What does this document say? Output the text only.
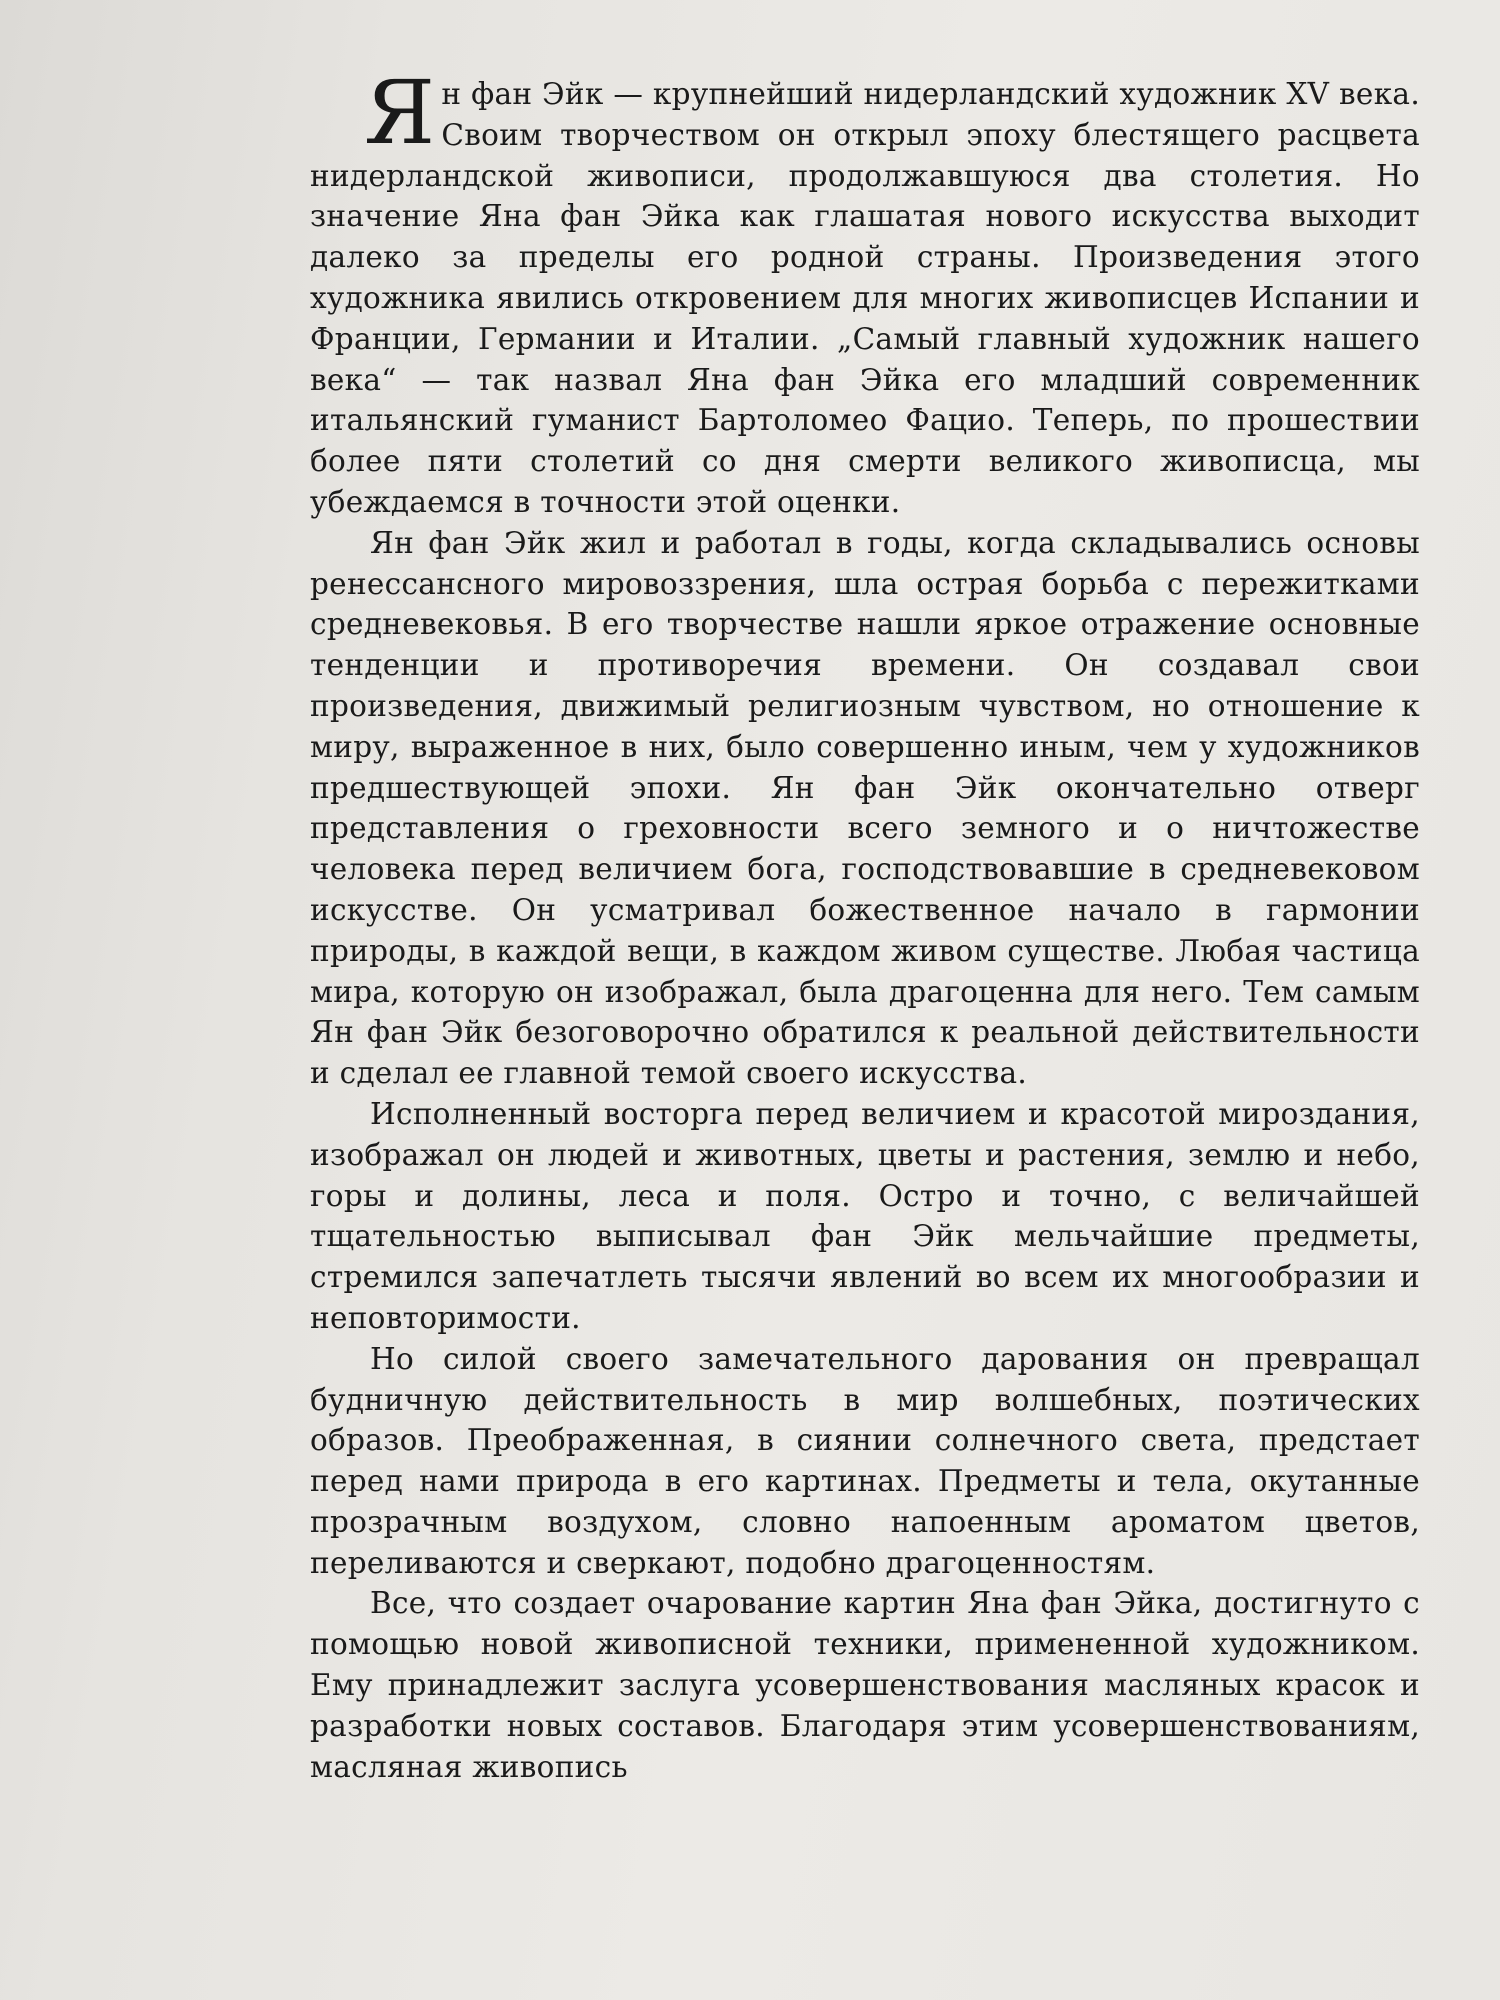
Ян фан Эйк — крупнейший нидерландский художник XV века. Своим творчеством он открыл эпоху блестящего расцвета нидерландской живописи, продолжавшуюся два столетия. Но значение Яна фан Эйка как глашатая нового искусства выходит далеко за пределы его родной страны. Произведения этого художника явились откровением для многих живописцев Испании и Франции, Германии и Италии. „Самый главный художник нашего века“ — так назвал Яна фан Эйка его младший современник итальянский гуманист Бартоломео Фацио. Теперь, по прошествии более пяти столетий со дня смерти великого живописца, мы убеждаемся в точности этой оценки.

Ян фан Эйк жил и работал в годы, когда складывались основы ренессансного мировоззрения, шла острая борьба с пережитками средневековья. В его творчестве нашли яркое отражение основные тенденции и противоречия времени. Он создавал свои произведения, движимый религиозным чувством, но отношение к миру, выраженное в них, было совершенно иным, чем у художников предшествующей эпохи. Ян фан Эйк окончательно отверг представления о греховности всего земного и о ничтожестве человека перед величием бога, господствовавшие в средневековом искусстве. Он усматривал божественное начало в гармонии природы, в каждой вещи, в каждом живом существе. Любая частица мира, которую он изображал, была драгоценна для него. Тем самым Ян фан Эйк безоговорочно обратился к реальной действительности и сделал ее главной темой своего искусства.

Исполненный восторга перед величием и красотой мироздания, изображал он людей и животных, цветы и растения, землю и небо, горы и долины, леса и поля. Остро и точно, с величайшей тщательностью выписывал фан Эйк мельчайшие предметы, стремился запечатлеть тысячи явлений во всем их многообразии и неповторимости.

Но силой своего замечательного дарования он превращал будничную действительность в мир волшебных, поэтических образов. Преображенная, в сиянии солнечного света, предстает перед нами природа в его картинах. Предметы и тела, окутанные прозрачным воздухом, словно напоенным ароматом цветов, переливаются и сверкают, подобно драгоценностям.

Все, что создает очарование картин Яна фан Эйка, достигнуто с помощью новой живописной техники, примененной художником. Ему принадлежит заслуга усовершенствования масляных красок и разработки новых составов. Благодаря этим усовершенствованиям, масляная живопись
